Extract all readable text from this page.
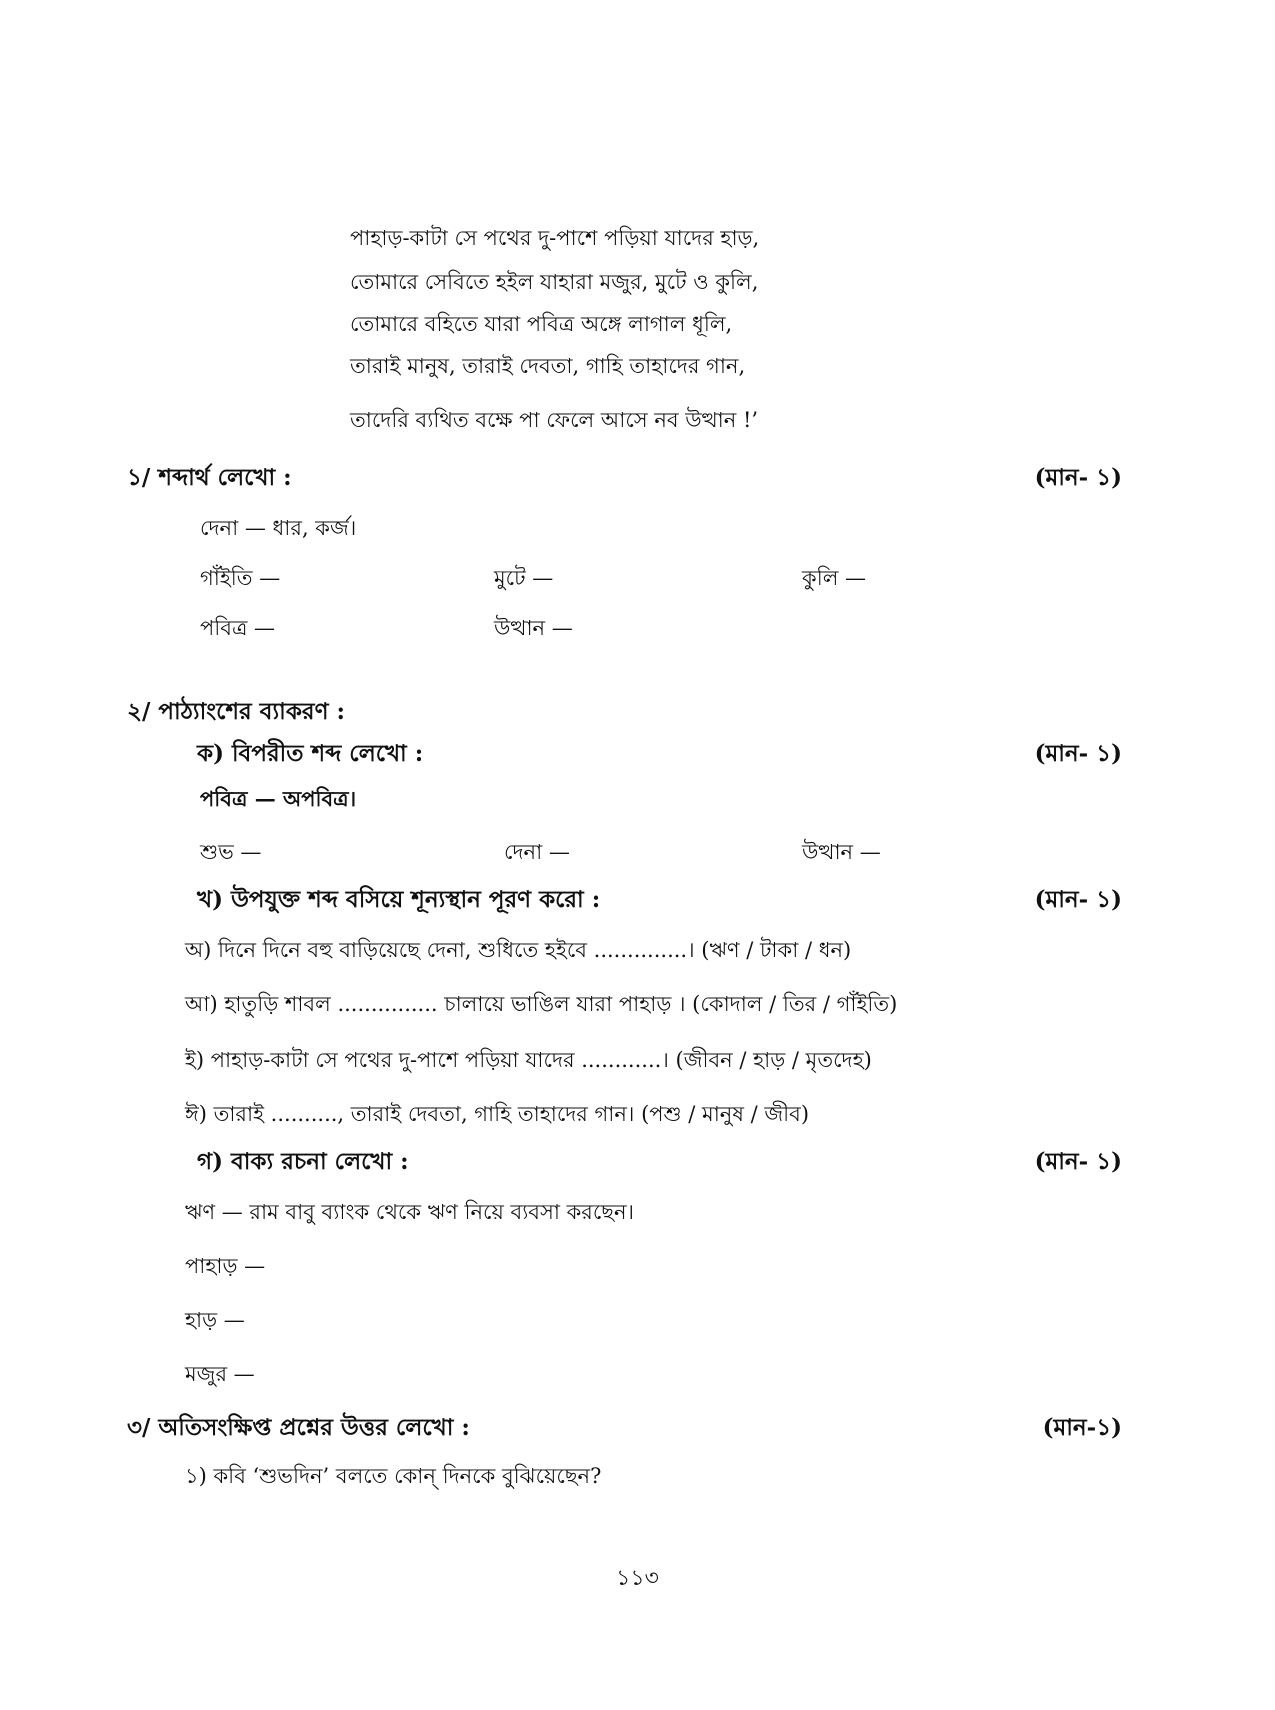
পাহাড়-কাটা সে পথের দু-পাশে পড়িয়া যাদের হাড়,
তোমারে সেবিতে হইল যাহারা মজুর, মুটে ও কুলি,
তোমারে বহিতে যারা পবিত্র অঙ্গে লাগাল ধূলি,
তারাই মানুষ, তারাই দেবতা, গাহি তাহাদের গান,
তাদেরি ব্যথিত বক্ষে পা ফেলে আসে নব উত্থান !’
১/ শব্দার্থ লেখো :	(মান- ১)
দেনা — ধার, কর্জ।
গাঁইতি —	মুটে —	কুলি —
পবিত্র —	উত্থান —
২/ পাঠ্যাংশের ব্যাকরণ :
ক) বিপরীত শব্দ লেখো :	(মান- ১)
পবিত্র — অপবিত্র।
শুভ —	দেনা —	উত্থান —
খ) উপযুক্ত শব্দ বসিয়ে শূন্যস্থান পূরণ করো :	(মান- ১)
অ) দিনে দিনে বহু বাড়িয়েছে দেনা, শুধিতে হইবে ..............। (ঋণ / টাকা / ধন)
আ) হাতুড়ি শাবল ............... চালায়ে ভাঙিল যারা পাহাড় । (কোদাল / তির / গাঁইতি)
ই) পাহাড়-কাটা সে পথের দু-পাশে পড়িয়া যাদের ............। (জীবন / হাড় / মৃতদেহ)
ঈ) তারাই .........., তারাই দেবতা, গাহি তাহাদের গান। (পশু / মানুষ / জীব)
গ) বাক্য রচনা লেখো :	(মান- ১)
ঋণ — রাম বাবু ব্যাংক থেকে ঋণ নিয়ে ব্যবসা করছেন।
পাহাড় —
হাড় —
মজুর —
৩/ অতিসংক্ষিপ্ত প্রশ্নের উত্তর লেখো :	(মান-১)
১) কবি ‘শুভদিন’ বলতে কোন্ দিনকে বুঝিয়েছেন?
১১৩
